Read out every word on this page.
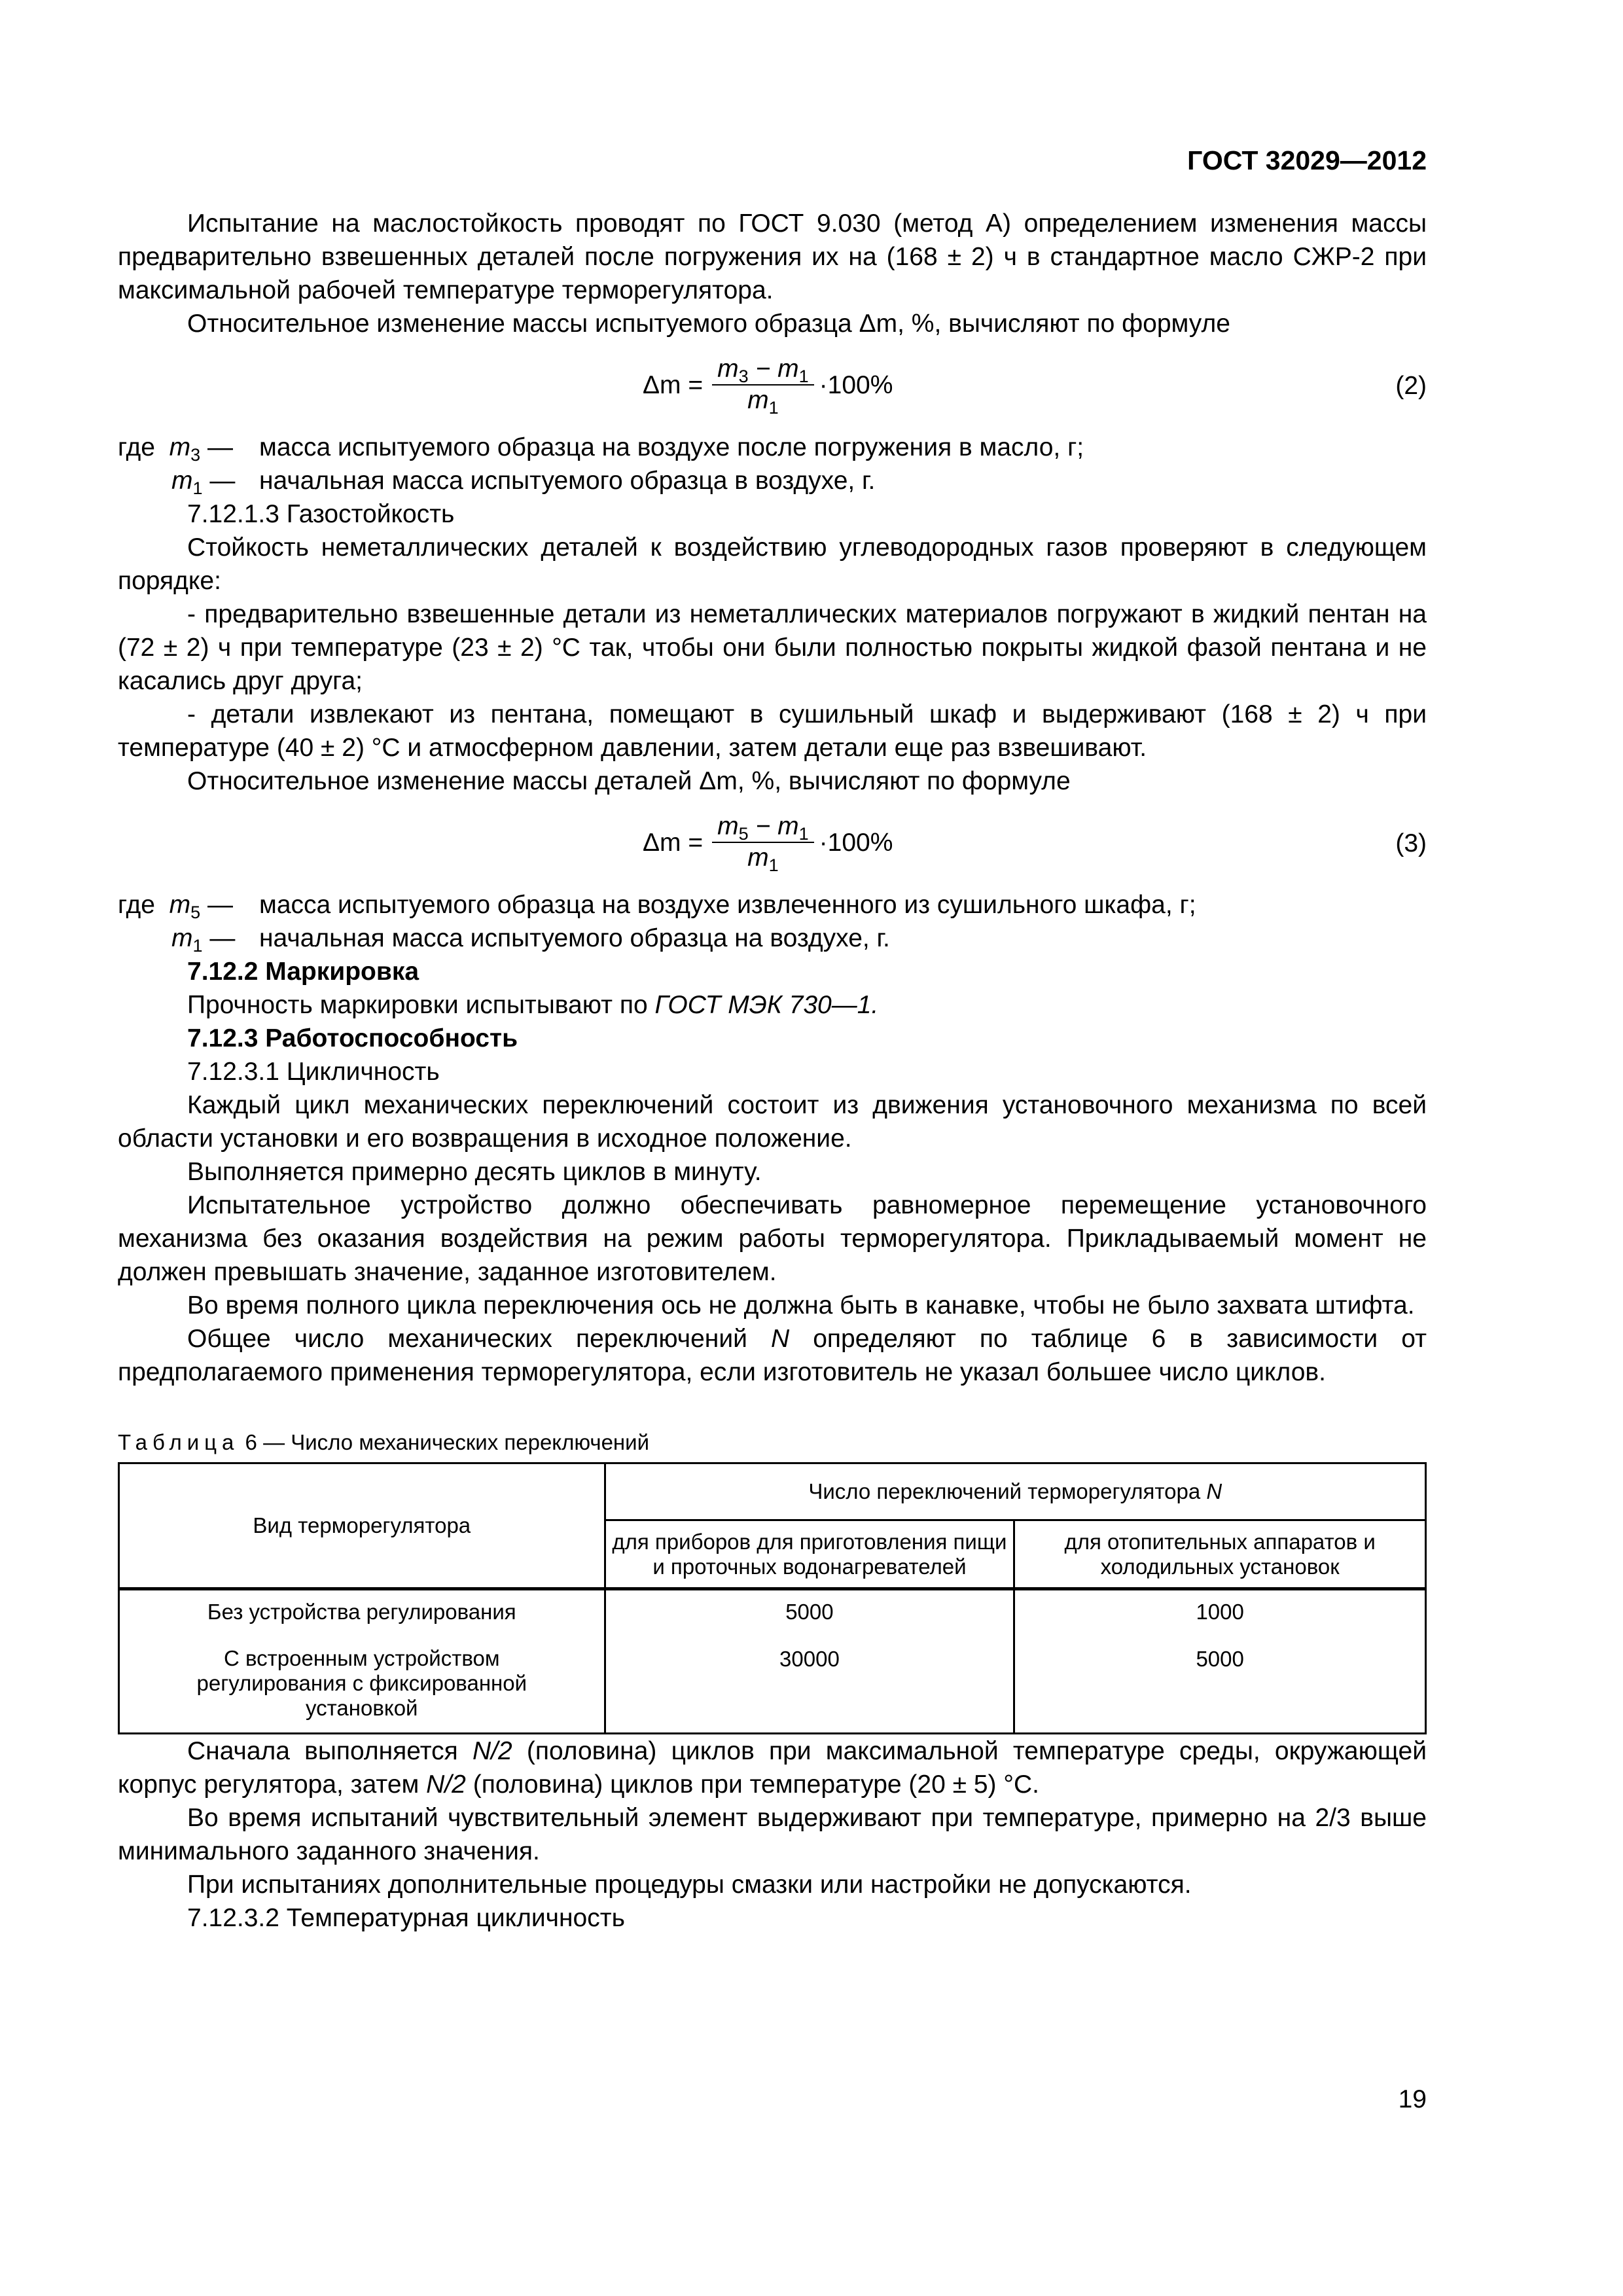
ГОСТ 32029—2012

Испытание на маслостойкость проводят по ГОСТ 9.030 (метод А) определением изменения массы предварительно взвешенных деталей после погружения их на (168 ± 2) ч в стандартное масло СЖР-2 при максимальной рабочей температуре терморегулятора.

Относительное изменение массы испытуемого образца Δm, %, вычисляют по формуле

$\Delta m = \frac{m_3 - m_1}{m_1} \cdot 100\%$	(2)
где $m_3$ — масса испытуемого образца на воздухе после погружения в масло, г;
$m_1$ — начальная масса испытуемого образца в воздухе, г.

7.12.1.3 Газостойкость

Стойкость неметаллических деталей к воздействию углеводородных газов проверяют в следующем порядке:

- предварительно взвешенные детали из неметаллических материалов погружают в жидкий пентан на (72 ± 2) ч при температуре (23 ± 2) °С так, чтобы они были полностью покрыты жидкой фазой пентана и не касались друг друга;

- детали извлекают из пентана, помещают в сушильный шкаф и выдерживают (168 ± 2) ч при температуре (40 ± 2) °С и атмосферном давлении, затем детали еще раз взвешивают.

Относительное изменение массы деталей Δm, %, вычисляют по формуле

$\Delta m = \frac{m_5 - m_1}{m_1} \cdot 100\%$	(3)
где $m_5$ — масса испытуемого образца на воздухе извлеченного из сушильного шкафа, г;
$m_1$ — начальная масса испытуемого образца на воздухе, г.

7.12.2 Маркировка

Прочность маркировки испытывают по ГОСТ МЭК 730—1.

7.12.3 Работоспособность

7.12.3.1 Цикличность

Каждый цикл механических переключений состоит из движения установочного механизма по всей области установки и его возвращения в исходное положение.

Выполняется примерно десять циклов в минуту.

Испытательное устройство должно обеспечивать равномерное перемещение установочного механизма без оказания воздействия на режим работы терморегулятора. Прикладываемый момент не должен превышать значение, заданное изготовителем.

Во время полного цикла переключения ось не должна быть в канавке, чтобы не было захвата штифта.

Общее число механических переключений N определяют по таблице 6 в зависимости от предполагаемого применения терморегулятора, если изготовитель не указал большее число циклов.

Таблица 6 — Число механических переключений
Вид терморегулятора	Число переключений терморегулятора N	
	для приборов для приготовления пищи и проточных водонагревателей	для отопительных аппаратов и холодильных установок
Без устройства регулирования	5000	1000
С встроенным устройством регулирования с фиксированной установкой	30000	5000

Сначала выполняется N/2 (половина) циклов при максимальной температуре среды, окружающей корпус регулятора, затем N/2 (половина) циклов при температуре (20 ± 5) °С.

Во время испытаний чувствительный элемент выдерживают при температуре, примерно на 2/3 выше минимального заданного значения.

При испытаниях дополнительные процедуры смазки или настройки не допускаются.

7.12.3.2 Температурная цикличность

19
